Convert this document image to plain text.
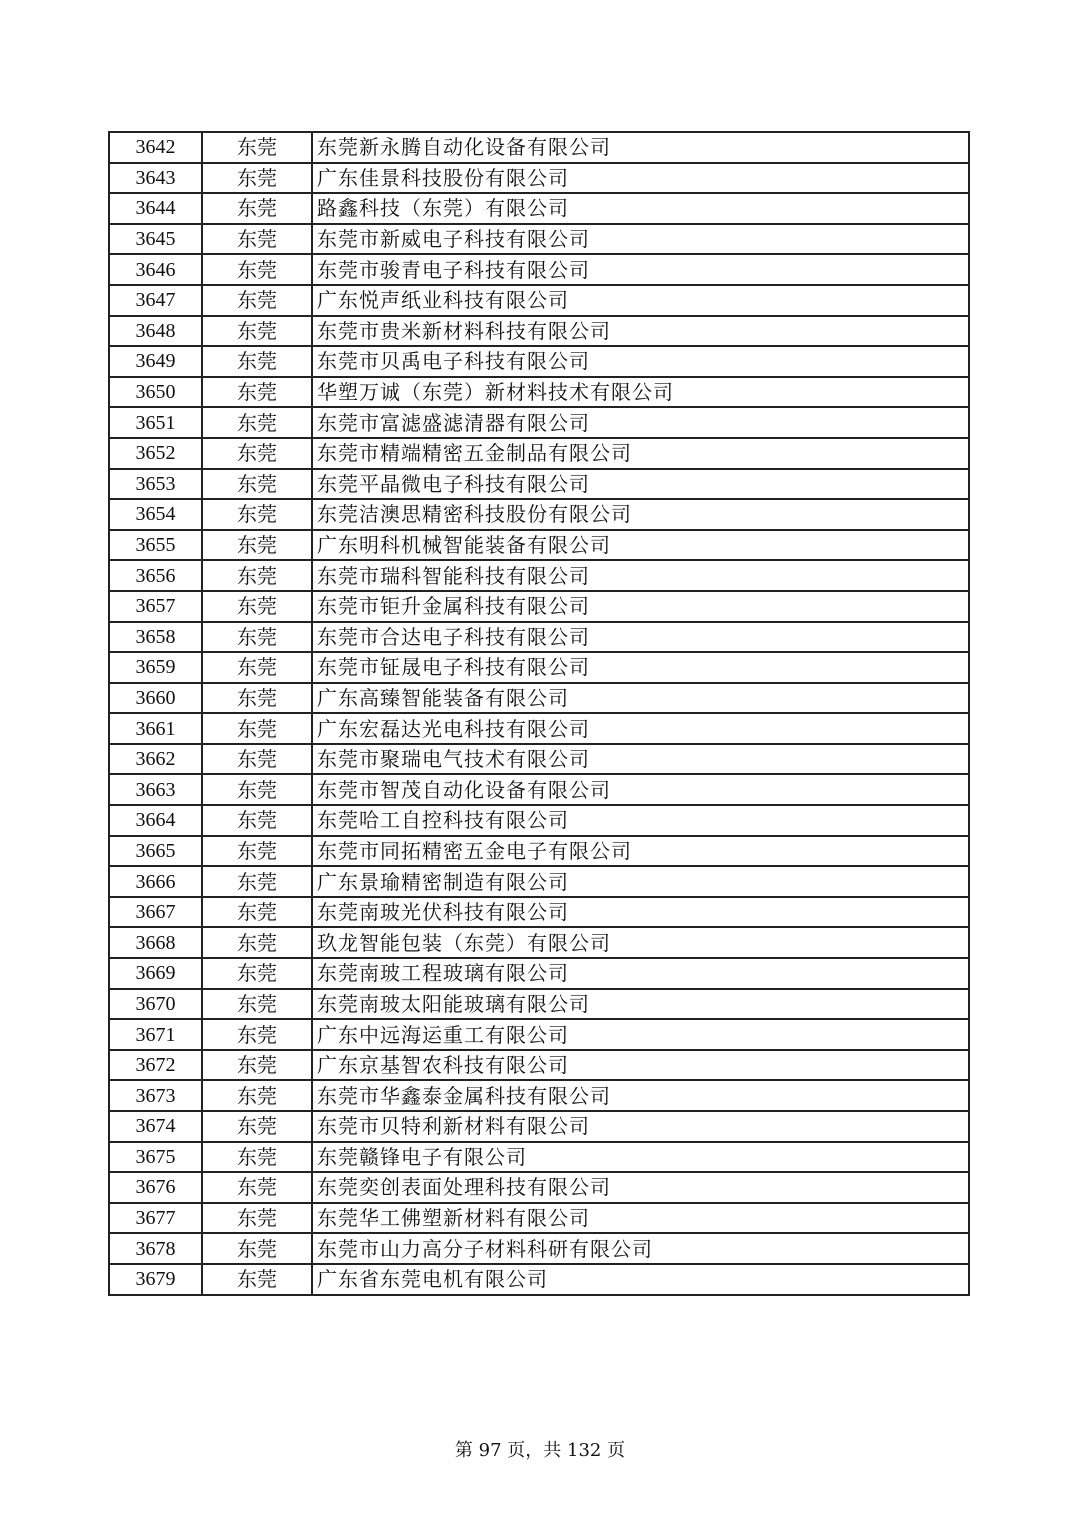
3642	东莞	东莞新永腾自动化设备有限公司
3643	东莞	广东佳景科技股份有限公司
3644	东莞	路鑫科技（东莞）有限公司
3645	东莞	东莞市新威电子科技有限公司
3646	东莞	东莞市骏青电子科技有限公司
3647	东莞	广东悦声纸业科技有限公司
3648	东莞	东莞市贵米新材料科技有限公司
3649	东莞	东莞市贝禹电子科技有限公司
3650	东莞	华塑万诚（东莞）新材料技术有限公司
3651	东莞	东莞市富滤盛滤清器有限公司
3652	东莞	东莞市精端精密五金制品有限公司
3653	东莞	东莞平晶微电子科技有限公司
3654	东莞	东莞洁澳思精密科技股份有限公司
3655	东莞	广东明科机械智能装备有限公司
3656	东莞	东莞市瑞科智能科技有限公司
3657	东莞	东莞市钜升金属科技有限公司
3658	东莞	东莞市合达电子科技有限公司
3659	东莞	东莞市钲晟电子科技有限公司
3660	东莞	广东高臻智能装备有限公司
3661	东莞	广东宏磊达光电科技有限公司
3662	东莞	东莞市聚瑞电气技术有限公司
3663	东莞	东莞市智茂自动化设备有限公司
3664	东莞	东莞哈工自控科技有限公司
3665	东莞	东莞市同拓精密五金电子有限公司
3666	东莞	广东景瑜精密制造有限公司
3667	东莞	东莞南玻光伏科技有限公司
3668	东莞	玖龙智能包装（东莞）有限公司
3669	东莞	东莞南玻工程玻璃有限公司
3670	东莞	东莞南玻太阳能玻璃有限公司
3671	东莞	广东中远海运重工有限公司
3672	东莞	广东京基智农科技有限公司
3673	东莞	东莞市华鑫泰金属科技有限公司
3674	东莞	东莞市贝特利新材料有限公司
3675	东莞	东莞赣锋电子有限公司
3676	东莞	东莞奕创表面处理科技有限公司
3677	东莞	东莞华工佛塑新材料有限公司
3678	东莞	东莞市山力高分子材料科研有限公司
3679	东莞	广东省东莞电机有限公司
第 97 页，共 132 页
